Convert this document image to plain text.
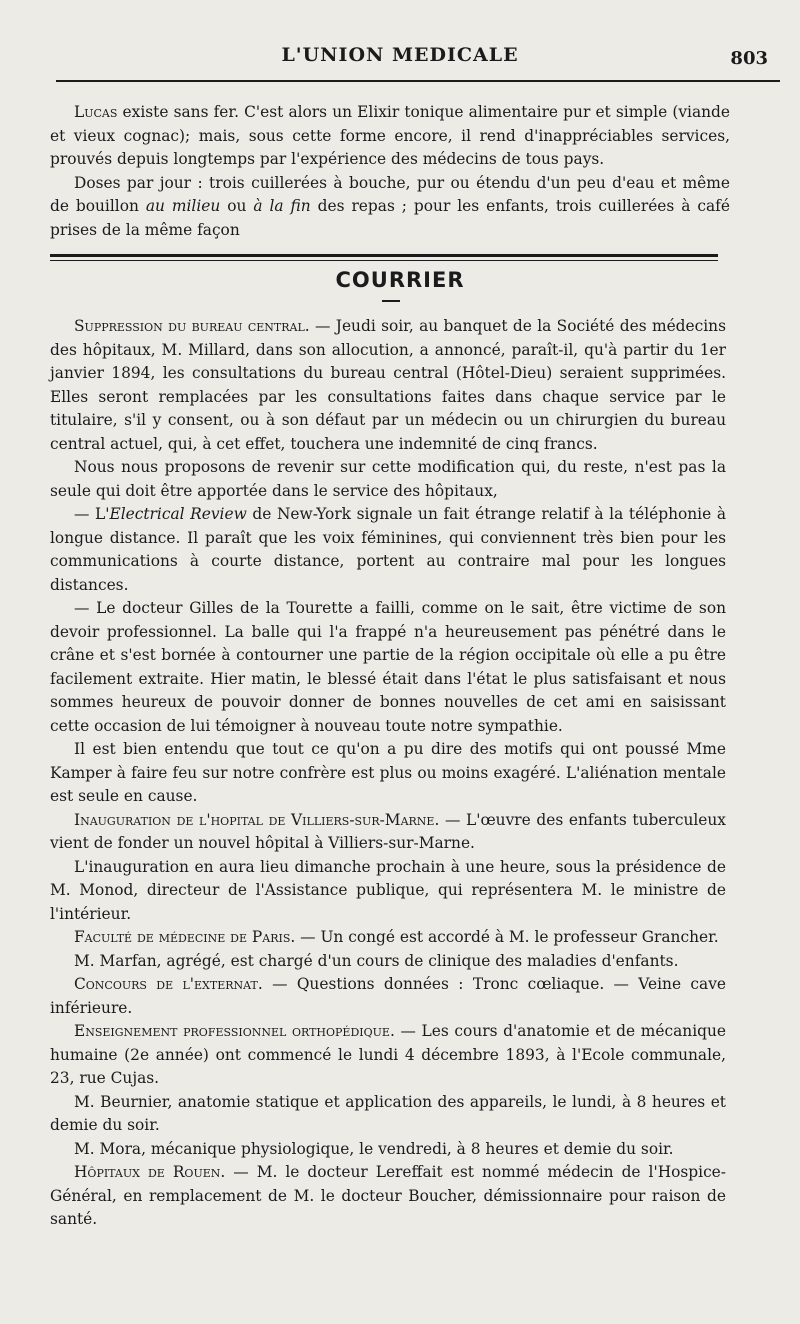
L'UNION MEDICALE	803

Lucas existe sans fer. C'est alors un Elixir tonique alimentaire pur et simple (viande et vieux cognac); mais, sous cette forme encore, il rend d'inappréciables services, prouvés depuis longtemps par l'expérience des médecins de tous pays.

Doses par jour : trois cuillerées à bouche, pur ou étendu d'un peu d'eau et même de bouillon au milieu ou à la fin des repas ; pour les enfants, trois cuillerées à café prises de la même façon

COURRIER

Suppression du bureau central. — Jeudi soir, au banquet de la Société des médecins des hôpitaux, M. Millard, dans son allocution, a annoncé, paraît-il, qu'à partir du 1er janvier 1894, les consultations du bureau central (Hôtel-Dieu) seraient supprimées. Elles seront remplacées par les consultations faites dans chaque service par le titulaire, s'il y consent, ou à son défaut par un médecin ou un chirurgien du bureau central actuel, qui, à cet effet, touchera une indemnité de cinq francs.

Nous nous proposons de revenir sur cette modification qui, du reste, n'est pas la seule qui doit être apportée dans le service des hôpitaux,

— L'Electrical Review de New-York signale un fait étrange relatif à la téléphonie à longue distance. Il paraît que les voix féminines, qui conviennent très bien pour les communications à courte distance, portent au contraire mal pour les longues distances.

— Le docteur Gilles de la Tourette a failli, comme on le sait, être victime de son devoir professionnel. La balle qui l'a frappé n'a heureusement pas pénétré dans le crâne et s'est bornée à contourner une partie de la région occipitale où elle a pu être facilement extraite. Hier matin, le blessé était dans l'état le plus satisfaisant et nous sommes heureux de pouvoir donner de bonnes nouvelles de cet ami en saisissant cette occasion de lui témoigner à nouveau toute notre sympathie.

Il est bien entendu que tout ce qu'on a pu dire des motifs qui ont poussé Mme Kamper à faire feu sur notre confrère est plus ou moins exagéré. L'aliénation mentale est seule en cause.

Inauguration de l'hopital de Villiers-sur-Marne. — L'œuvre des enfants tuberculeux vient de fonder un nouvel hôpital à Villiers-sur-Marne.

L'inauguration en aura lieu dimanche prochain à une heure, sous la présidence de M. Monod, directeur de l'Assistance publique, qui représentera M. le ministre de l'intérieur.

Faculté de médecine de Paris. — Un congé est accordé à M. le professeur Grancher.

M. Marfan, agrégé, est chargé d'un cours de clinique des maladies d'enfants.

Concours de l'externat. — Questions données : Tronc cœliaque. — Veine cave inférieure.

Enseignement professionnel orthopédique. — Les cours d'anatomie et de mécanique humaine (2e année) ont commencé le lundi 4 décembre 1893, à l'Ecole communale, 23, rue Cujas.

M. Beurnier, anatomie statique et application des appareils, le lundi, à 8 heures et demie du soir.

M. Mora, mécanique physiologique, le vendredi, à 8 heures et demie du soir.

Hôpitaux de Rouen. — M. le docteur Lereffait est nommé médecin de l'Hospice-Général, en remplacement de M. le docteur Boucher, démissionnaire pour raison de santé.
